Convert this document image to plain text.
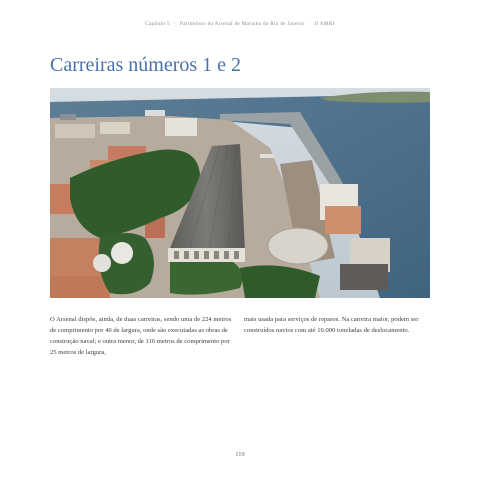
Capítulo 5 · Patrimônio do Arsenal de Marinha do Rio de Janeiro · O AMRJ
Carreiras números 1 e 2
O Arsenal dispõe, ainda, de duas carreiras, sendo uma de 224 metros de comprimento por 40 de largura, onde são executadas as obras de construção naval; e outra menor, de 116 metros de comprimento por 25 metros de largura,
mais usada para serviços de reparos. Na carreira maior, podem ser construídos navios com até 10.000 toneladas de deslocamento.
119
